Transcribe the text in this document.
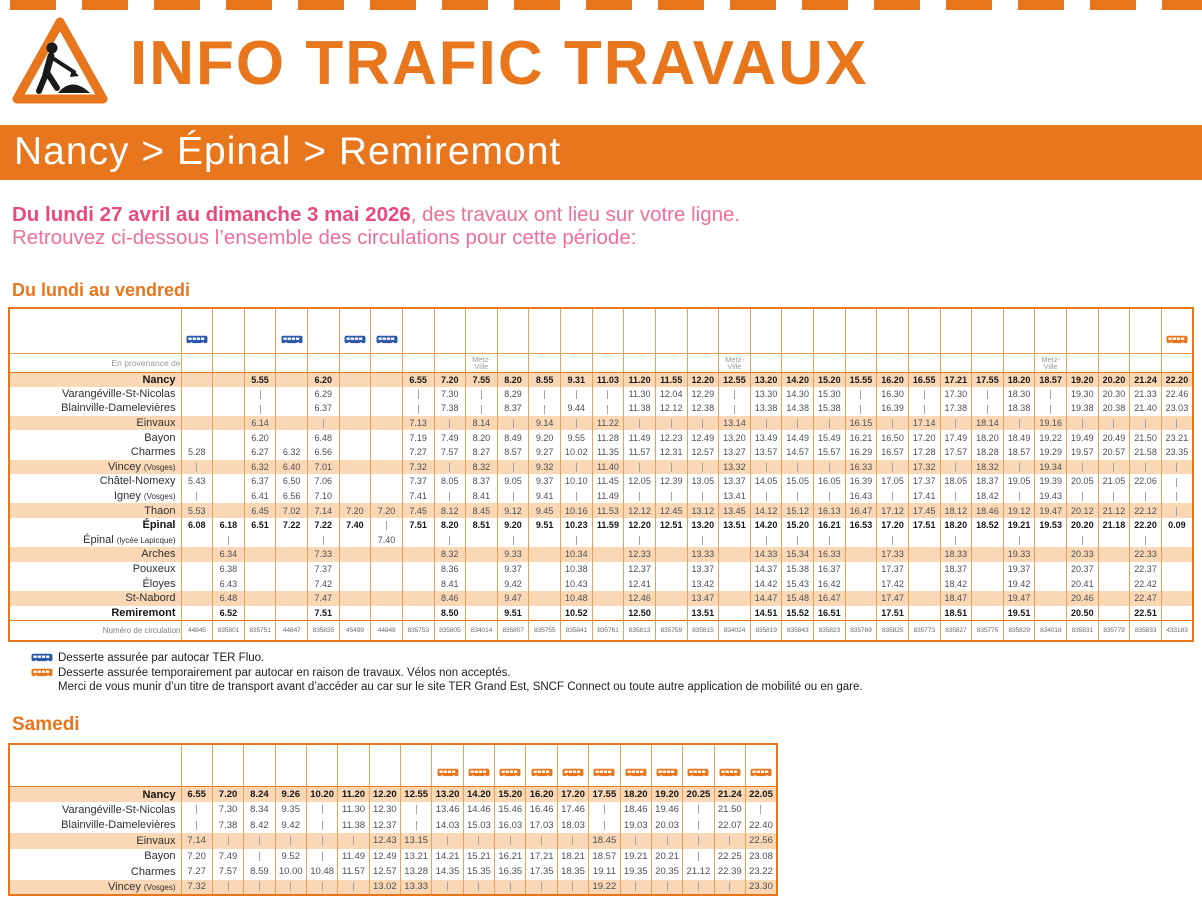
INFO TRAFIC TRAVAUX
Nancy > Épinal > Remiremont
Du lundi 27 avril au dimanche 3 mai 2026, des travaux ont lieu sur votre ligne.
Retrouvez ci-dessous l’ensemble des circulations pour cette période:
Du lundi au vendredi

En provenance de										Metz-
Ville								Metz-
Ville										Metz-
Ville				

Nancy			5.55		6.20			6.55	7.20	7.55	8.20	8.55	9.31	11.03	11.20	11.55	12.20	12.55	13.20	14.20	15.20	15.55	16.20	16.55	17.21	17.55	18.20	18.57	19.20	20.20	21.24	22.20
Varangéville-St-Nicolas					6.29				7.30		8.29				11.30	12.04	12.29		13.30	14.30	15.30		16.30		17.30		18.30		19.30	20.30	21.33	22.46
Blainville-Damelevières					6.37				7.38		8.37		9.44		11.38	12.12	12.38		13.38	14.38	15.38		16.39		17.38		18.38		19.38	20.38	21.40	23.03
Einvaux			6.14					7.13		8.14		9.14		11.22				13.14				16.15		17.14		18.14		19.16				
Bayon			6.20		6.48			7.19	7.49	8.20	8.49	9.20	9.55	11.28	11.49	12.23	12.49	13.20	13.49	14.49	15.49	16.21	16.50	17.20	17.49	18.20	18.49	19.22	19.49	20.49	21.50	23.21
Charmes	5.28		6.27	6.32	6.56			7.27	7.57	8.27	8.57	9.27	10.02	11.35	11.57	12.31	12.57	13.27	13.57	14.57	15.57	16.29	16.57	17.28	17.57	18.28	18.57	19.29	19.57	20.57	21.58	23.35
Vincey (Vosges)			6.32	6.40	7.01			7.32		8.32		9.32		11.40				13.32				16.33		17.32		18.32		19.34				
Châtel-Nomexy	5.43		6.37	6.50	7.06			7.37	8.05	8.37	9.05	9.37	10.10	11.45	12.05	12.39	13.05	13.37	14.05	15.05	16.05	16.39	17.05	17.37	18.05	18.37	19.05	19.39	20.05	21.05	22.06	
Igney (Vosges)			6.41	6.56	7.10			7.41		8.41		9.41		11.49				13.41				16.43		17.41		18.42		19.43				
Thaon	5.53		6.45	7.02	7.14	7.20	7.20	7.45	8.12	8.45	9.12	9.45	10.16	11.53	12.12	12.45	13.12	13.45	14.12	15.12	16.13	16.47	17.12	17.45	18.12	18.46	19.12	19.47	20.12	21.12	22.12	
Épinal	6.08	6.18	6.51	7.22	7.22	7.40		7.51	8.20	8.51	9.20	9.51	10.23	11.59	12.20	12.51	13.20	13.51	14.20	15.20	16.21	16.53	17.20	17.51	18.20	18.52	19.21	19.53	20.20	21.18	22.20	0.09
Épinal (lycée Lapicque)							7.40																									
Arches		6.34			7.33				8.32		9.33		10.34		12.33		13.33		14.33	15.34	16.33		17.33		18.33		19.33		20.33		22.33	
Pouxeux		6.38			7.37				8.36		9.37		10.38		12.37		13.37		14.37	15.38	16.37		17.37		18.37		19.37		20.37		22.37	
Éloyes		6.43			7.42				8.41		9.42		10.43		12.41		13.42		14.42	15.43	16.42		17.42		18.42		19.42		20.41		22.42	
St-Nabord		6.48			7.47				8.46		9.47		10.48		12.46		13.47		14.47	15.48	16.47		17.47		18.47		19.47		20.46		22.47	
Remiremont		6.52			7.51				8.50		9.51		10.52		12.50		13.51		14.51	15.52	16.51		17.51		18.51		19.51		20.50		22.51	
Numéro de circulation	44845	835801	835751	44847	835835	45499	44849	835753	835805	834014	835807	835755	835841	835761	835813	835759	835815	834024	835819	835843	835823	835769	835825	835773	835827	835775	835829	834018	835831	835779	835833	433183
Desserte assurée par autocar TER Fluo.
Desserte assurée temporairement par autocar en raison de travaux. Vélos non acceptés.
Merci de vous munir d’un titre de transport avant d’accéder au car sur le site TER Grand Est, SNCF Connect ou toute autre application de mobilité ou en gare.
Samedi

Nancy	6.55	7.20	8.24	9.26	10.20	11.20	12.20	12.55	13.20	14.20	15.20	16.20	17.20	17.55	18.20	19.20	20.25	21.24	22.05
Varangéville-St-Nicolas		7.30	8.34	9.35		11.30	12.30		13.46	14.46	15.46	16.46	17.46		18.46	19.46		21.50	
Blainville-Damelevières		7.38	8.42	9.42		11.38	12.37		14.03	15.03	16.03	17.03	18.03		19.03	20.03		22.07	22.40
Einvaux	7.14						12.43	13.15						18.45					22.56
Bayon	7.20	7.49		9.52		11.49	12.49	13.21	14.21	15.21	16.21	17.21	18.21	18.57	19.21	20.21		22.25	23.08
Charmes	7.27	7.57	8.59	10.00	10.48	11.57	12.57	13.28	14.35	15.35	16.35	17.35	18.35	19.11	19.35	20.35	21.12	22.39	23.22
Vincey (Vosges)	7.32						13.02	13.33						19.22					23.30
